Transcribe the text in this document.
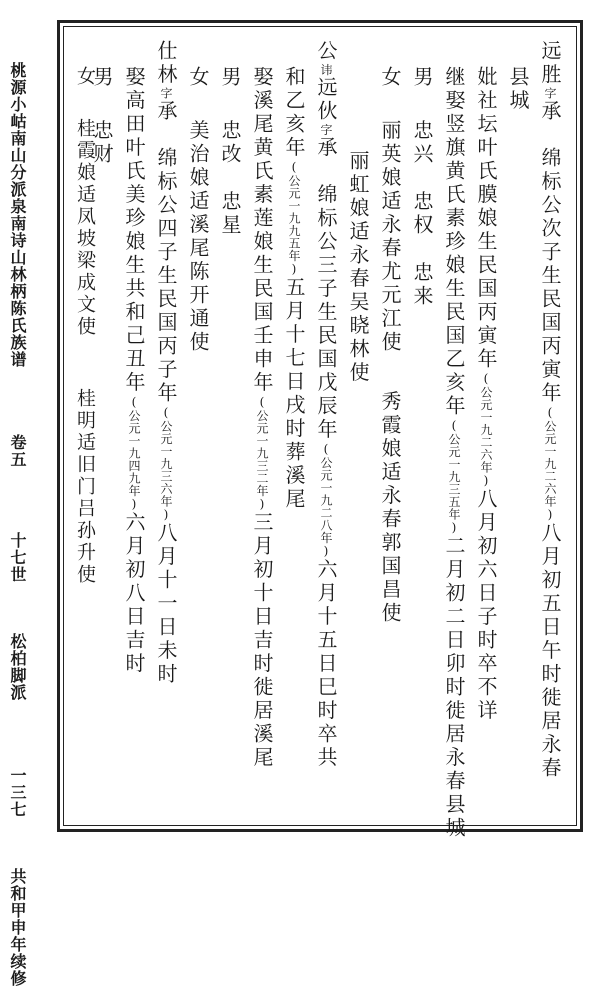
桃源小岵南山分派泉南诗山林柄陈氏族谱  卷五  十七世  松柏脚派  一三七  共和甲申年续修
远胜字承　绵标公次子生民国丙寅年(公元一九二六年)八月初五日午时徙居永春
县城
妣社坛叶氏膜娘生民国丙寅年(公元一九二六年)八月初六日子时卒不详
继娶竖旗黄氏素珍娘生民国乙亥年(公元一九三五年)二月初二日卯时徙居永春县城
男忠兴忠权忠来
女丽英娘适永春尤元江使秀霞娘适永春郭国昌使
丽虹娘适永春吴晓林使
公讳远伙字承　绵标公三子生民国戊辰年(公元一九二八年)六月十五日巳时卒共
和乙亥年(公元一九九五年)五月十七日戌时葬溪尾
娶溪尾黄氏素莲娘生民国壬申年(公元一九三二年)三月初十日吉时徙居溪尾
男忠改忠星
女美治娘适溪尾陈开通使
仕林字承　绵标公四子生民国丙子年(公元一九三六年)八月十一日未时
娶高田叶氏美珍娘生共和己丑年(公元一九四九年)六月初八日吉时
男忠财
女桂霞娘适凤坡梁成文使桂明适旧门吕孙升使
